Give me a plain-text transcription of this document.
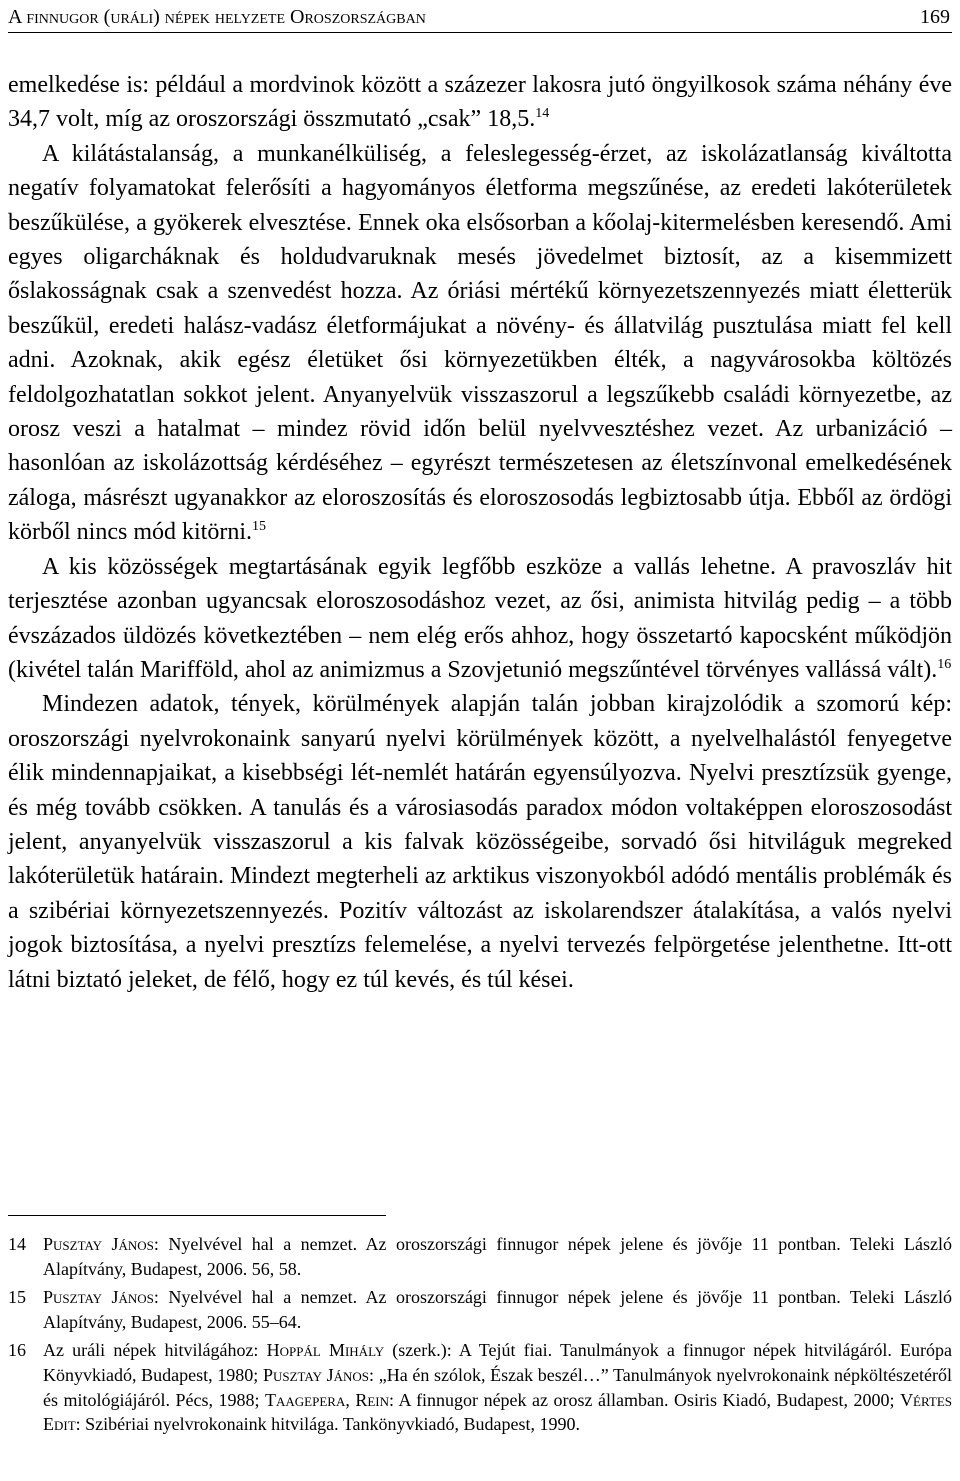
A finnugor (uráli) népek helyzete Oroszországban	169

emelkedése is: például a mordvinok között a százezer lakosra jutó öngyilkosok száma néhány éve 34,7 volt, míg az oroszországi összmutató „csak” 18,5.14

A kilátástalanság, a munkanélküliség, a feleslegesség-érzet, az iskolázatlanság kiváltotta negatív folyamatokat felerősíti a hagyományos életforma megszűnése, az eredeti lakóterületek beszűkülése, a gyökerek elvesztése. Ennek oka elsősorban a kőolaj-kitermelésben keresendő. Ami egyes oligarcháknak és holdudvaruknak mesés jövedelmet biztosít, az a kisemmizett őslakosságnak csak a szenvedést hozza. Az óriási mértékű környezetszennyezés miatt életterük beszűkül, eredeti halász-vadász életformájukat a növény- és állatvilág pusztulása miatt fel kell adni. Azoknak, akik egész életüket ősi környezetükben élték, a nagyvárosokba költözés feldolgozhatatlan sokkot jelent. Anyanyelvük visszaszorul a legszűkebb családi környezetbe, az orosz veszi a hatalmat – mindez rövid időn belül nyelvvesztéshez vezet. Az urbanizáció – hasonlóan az iskolázottság kérdéséhez – egyrészt természetesen az életszínvonal emelkedésének záloga, másrészt ugyanakkor az eloroszosítás és eloroszosodás legbiztosabb útja. Ebből az ördögi körből nincs mód kitörni.$^{15}$

A kis közösségek megtartásának egyik legfőbb eszköze a vallás lehetne. A pravoszláv hit terjesztése azonban ugyancsak eloroszosodáshoz vezet, az ősi, animista hitvilág pedig – a több évszázados üldözés következtében – nem elég erős ahhoz, hogy összetartó kapocsként működjön (kivétel talán Marifföld, ahol az animizmus a Szovjetunió megszűntével törvényes vallássá vált).$^{16}$

Mindezen adatok, tények, körülmények alapján talán jobban kirajzolódik a szomorú kép: oroszországi nyelvrokonaink sanyarú nyelvi körülmények között, a nyelvelhalástól fenyegetve élik mindennapjaikat, a kisebbségi lét-nemlét határán egyensúlyozva. Nyelvi presztízsük gyenge, és még tovább csökken. A tanulás és a városiasodás paradox módon voltaképpen eloroszosodást jelent, anyanyelvük visszaszorul a kis falvak közösségeibe, sorvadó ősi hitviláguk megreked lakóterületük határain. Mindezt megterheli az arktikus viszonyokból adódó mentális problémák és a szibériai környezetszennyezés. Pozitív változást az iskolarendszer átalakítása, a valós nyelvi jogok biztosítása, a nyelvi presztízs felemelése, a nyelvi tervezés felpörgetése jelenthetne. Itt-ott látni biztató jeleket, de félő, hogy ez túl kevés, és túl kései.

14 Pusztay János: Nyelvével hal a nemzet. Az oroszországi finnugor népek jelene és jövője 11 pontban. Teleki László Alapítvány, Budapest, 2006. 56, 58.
15 Pusztay János: Nyelvével hal a nemzet. Az oroszországi finnugor népek jelene és jövője 11 pontban. Teleki László Alapítvány, Budapest, 2006. 55–64.
16 Az uráli népek hitvilágához: Hoppál Mihály (szerk.): A Tejút fiai. Tanulmányok a finnugor népek hitvilágáról. Európa Könyvkiadó, Budapest, 1980; Pusztay János: „Ha én szólok, Észak beszél…” Tanulmányok nyelvrokonaink népköltészetéről és mitológiájáról. Pécs, 1988; Taagepera, Rein: A finnugor népek az orosz államban. Osiris Kiadó, Budapest, 2000; Vértes Edit: Szibériai nyelvrokonaink hitvilága. Tankönyvkiadó, Budapest, 1990.
